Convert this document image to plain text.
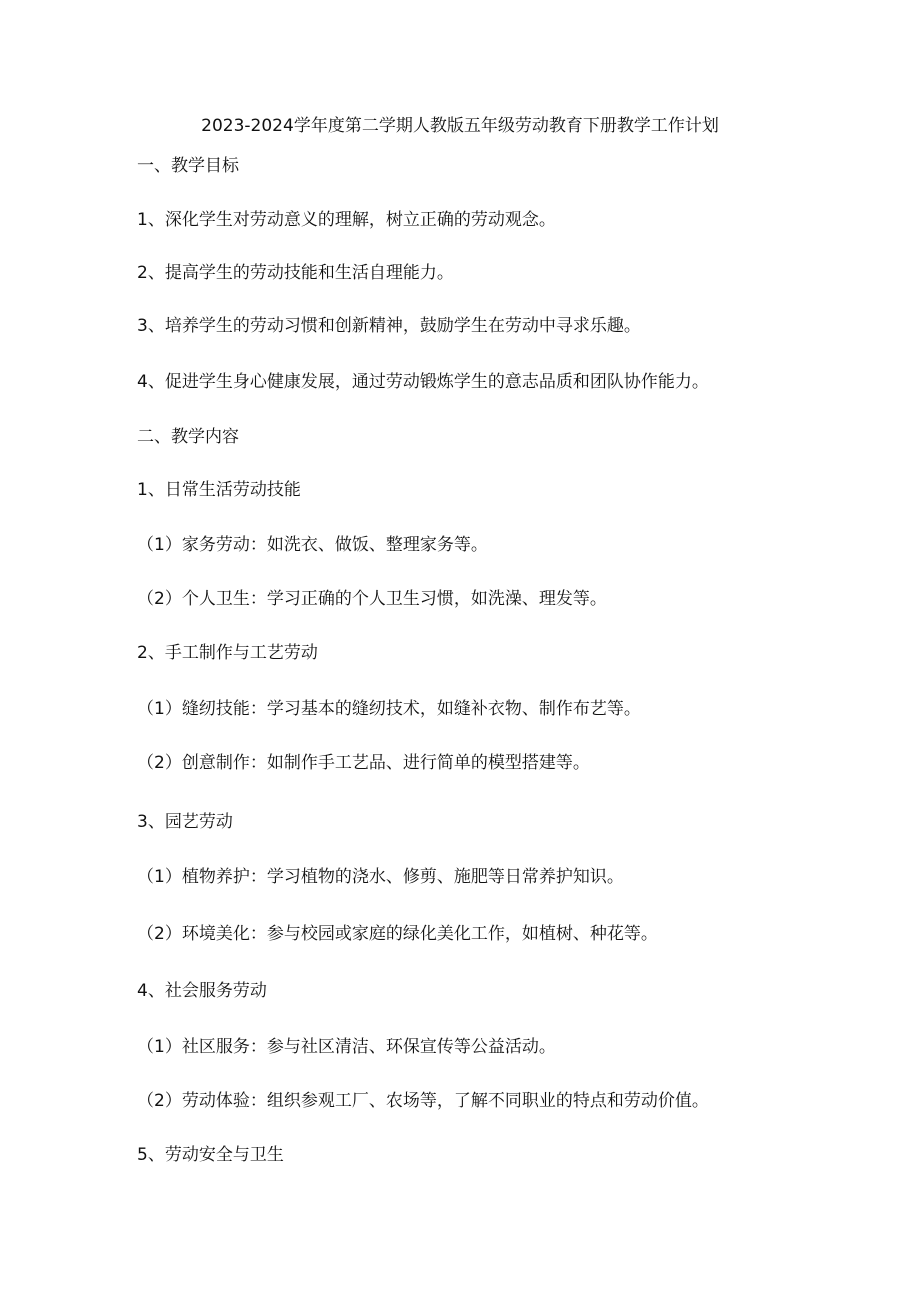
2023-2024学年度第二学期人教版五年级劳动教育下册教学工作计划
一、教学目标
1、深化学生对劳动意义的理解，树立正确的劳动观念。
2、提高学生的劳动技能和生活自理能力。
3、培养学生的劳动习惯和创新精神，鼓励学生在劳动中寻求乐趣。
4、促进学生身心健康发展，通过劳动锻炼学生的意志品质和团队协作能力。
二、教学内容
1、日常生活劳动技能
（1）家务劳动：如洗衣、做饭、整理家务等。
（2）个人卫生：学习正确的个人卫生习惯，如洗澡、理发等。
2、手工制作与工艺劳动
（1）缝纫技能：学习基本的缝纫技术，如缝补衣物、制作布艺等。
（2）创意制作：如制作手工艺品、进行简单的模型搭建等。
3、园艺劳动
（1）植物养护：学习植物的浇水、修剪、施肥等日常养护知识。
（2）环境美化：参与校园或家庭的绿化美化工作，如植树、种花等。
4、社会服务劳动
（1）社区服务：参与社区清洁、环保宣传等公益活动。
（2）劳动体验：组织参观工厂、农场等，了解不同职业的特点和劳动价值。
5、劳动安全与卫生
